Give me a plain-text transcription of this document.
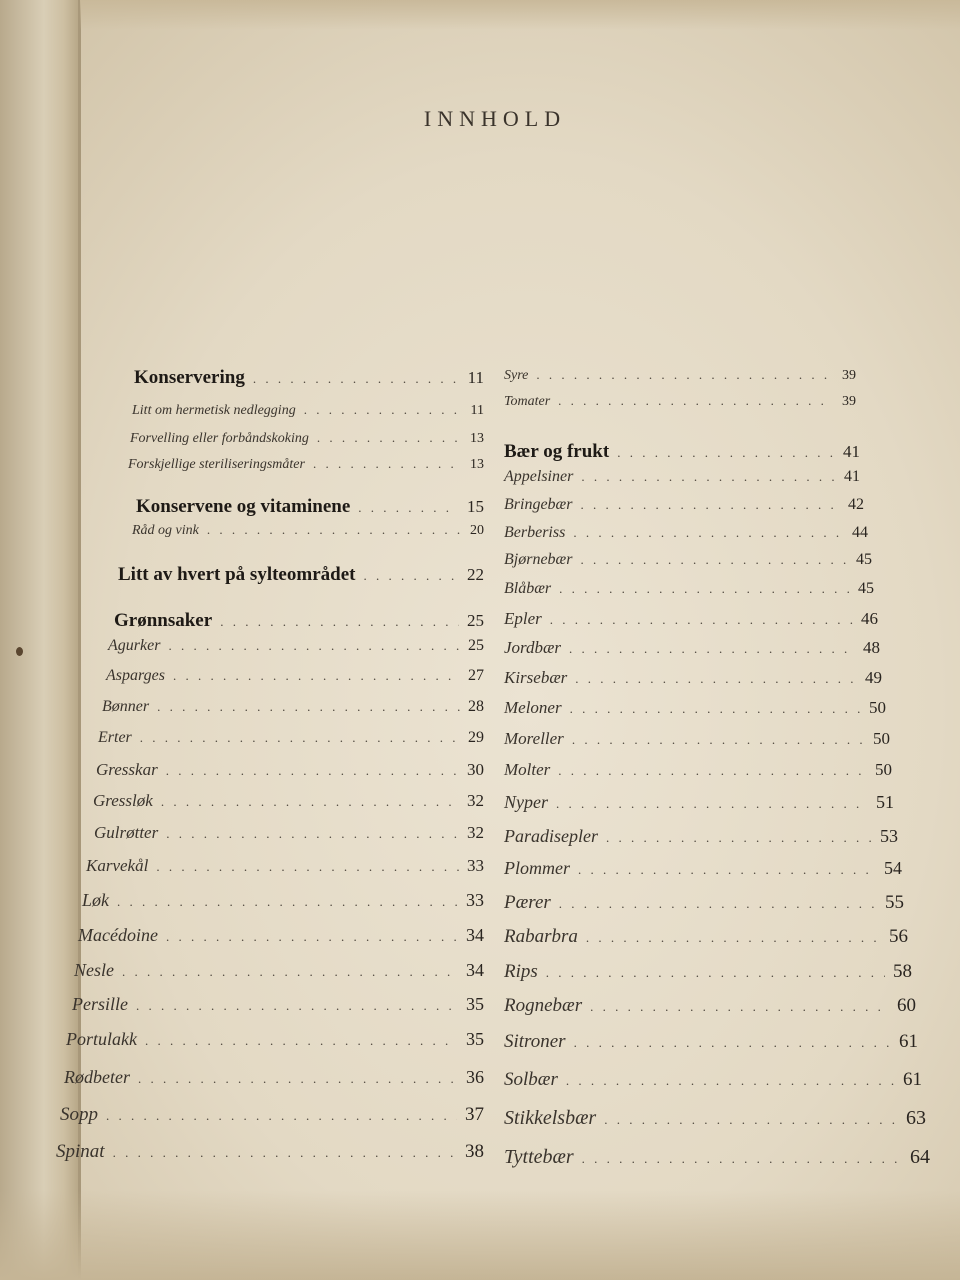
INNHOLD
Konservering . . .	11
Litt om hermetisk nedlegging . . .	11
Forvelling eller forbåndskoking . . .	13
Forskjellige steriliseringsmåter . . .	13
Konservene og vitaminene . . .	15
Råd og vink . . .	20
Litt av hvert på sylteområdet . . .	22
Grønnsaker . . .	25
Agurker . . .	25
Asparges . . .	27
Bønner . . .	28
Erter . . .	29
Gresskar . . .	30
Gressløk . . .	32
Gulrøtter . . .	32
Karvekål . . .	33
Løk . . .	33
Macédoine . . .	34
Nesle . . .	34
Persille . . .	35
Portulakk . . .	35
Rødbeter . . .	36
Sopp . . .	37
Spinat . . .	38
Syre . . .	39
Tomater . . .	39
Bær og frukt . . .	41
Appelsiner . . .	41
Bringebær . . .	42
Berberiss . . .	44
Bjørnebær . . .	45
Blåbær . . .	45
Epler . . .	46
Jordbær . . .	48
Kirsebær . . .	49
Meloner . . .	50
Moreller . . .	50
Molter . . .	50
Nyper . . .	51
Paradisepler . . .	53
Plommer . . .	54
Pærer . . .	55
Rabarbra . . .	56
Rips . . .	58
Rognebær . . .	60
Sitroner . . .	61
Solbær . . .	61
Stikkelsbær . . .	63
Tyttebær . . .	64
